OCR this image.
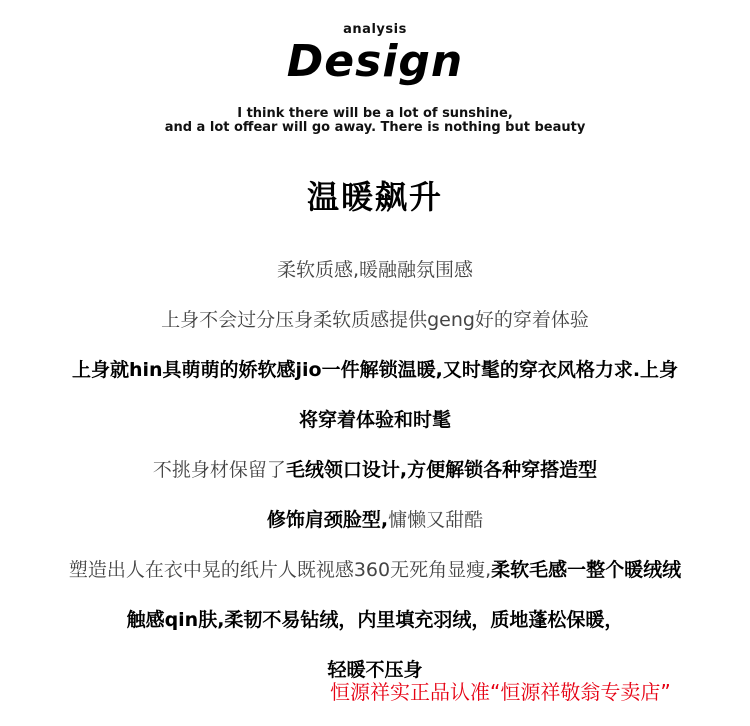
analysis
Design
I think there will be a lot of sunshine,
and a lot offear will go away. There is nothing but beauty
温暖飙升
柔软质感,暖融融氛围感
上身不会过分压身柔软质感提供geng好的穿着体验
上身就hin具萌萌的娇软感jio一件解锁温暖,又时髦的穿衣风格力求.上身
将穿着体验和时髦
不挑身材保留了毛绒领口设计,方便解锁各种穿搭造型
修饰肩颈脸型,慵懒又甜酷
塑造出人在衣中晃的纸片人既视感360无死角显瘦,柔软毛感一整个暖绒绒
触感qin肤,柔韧不易钻绒，内里填充羽绒，质地蓬松保暖，
轻暖不压身
恒源祥实正品认准“恒源祥敬翁专卖店”
